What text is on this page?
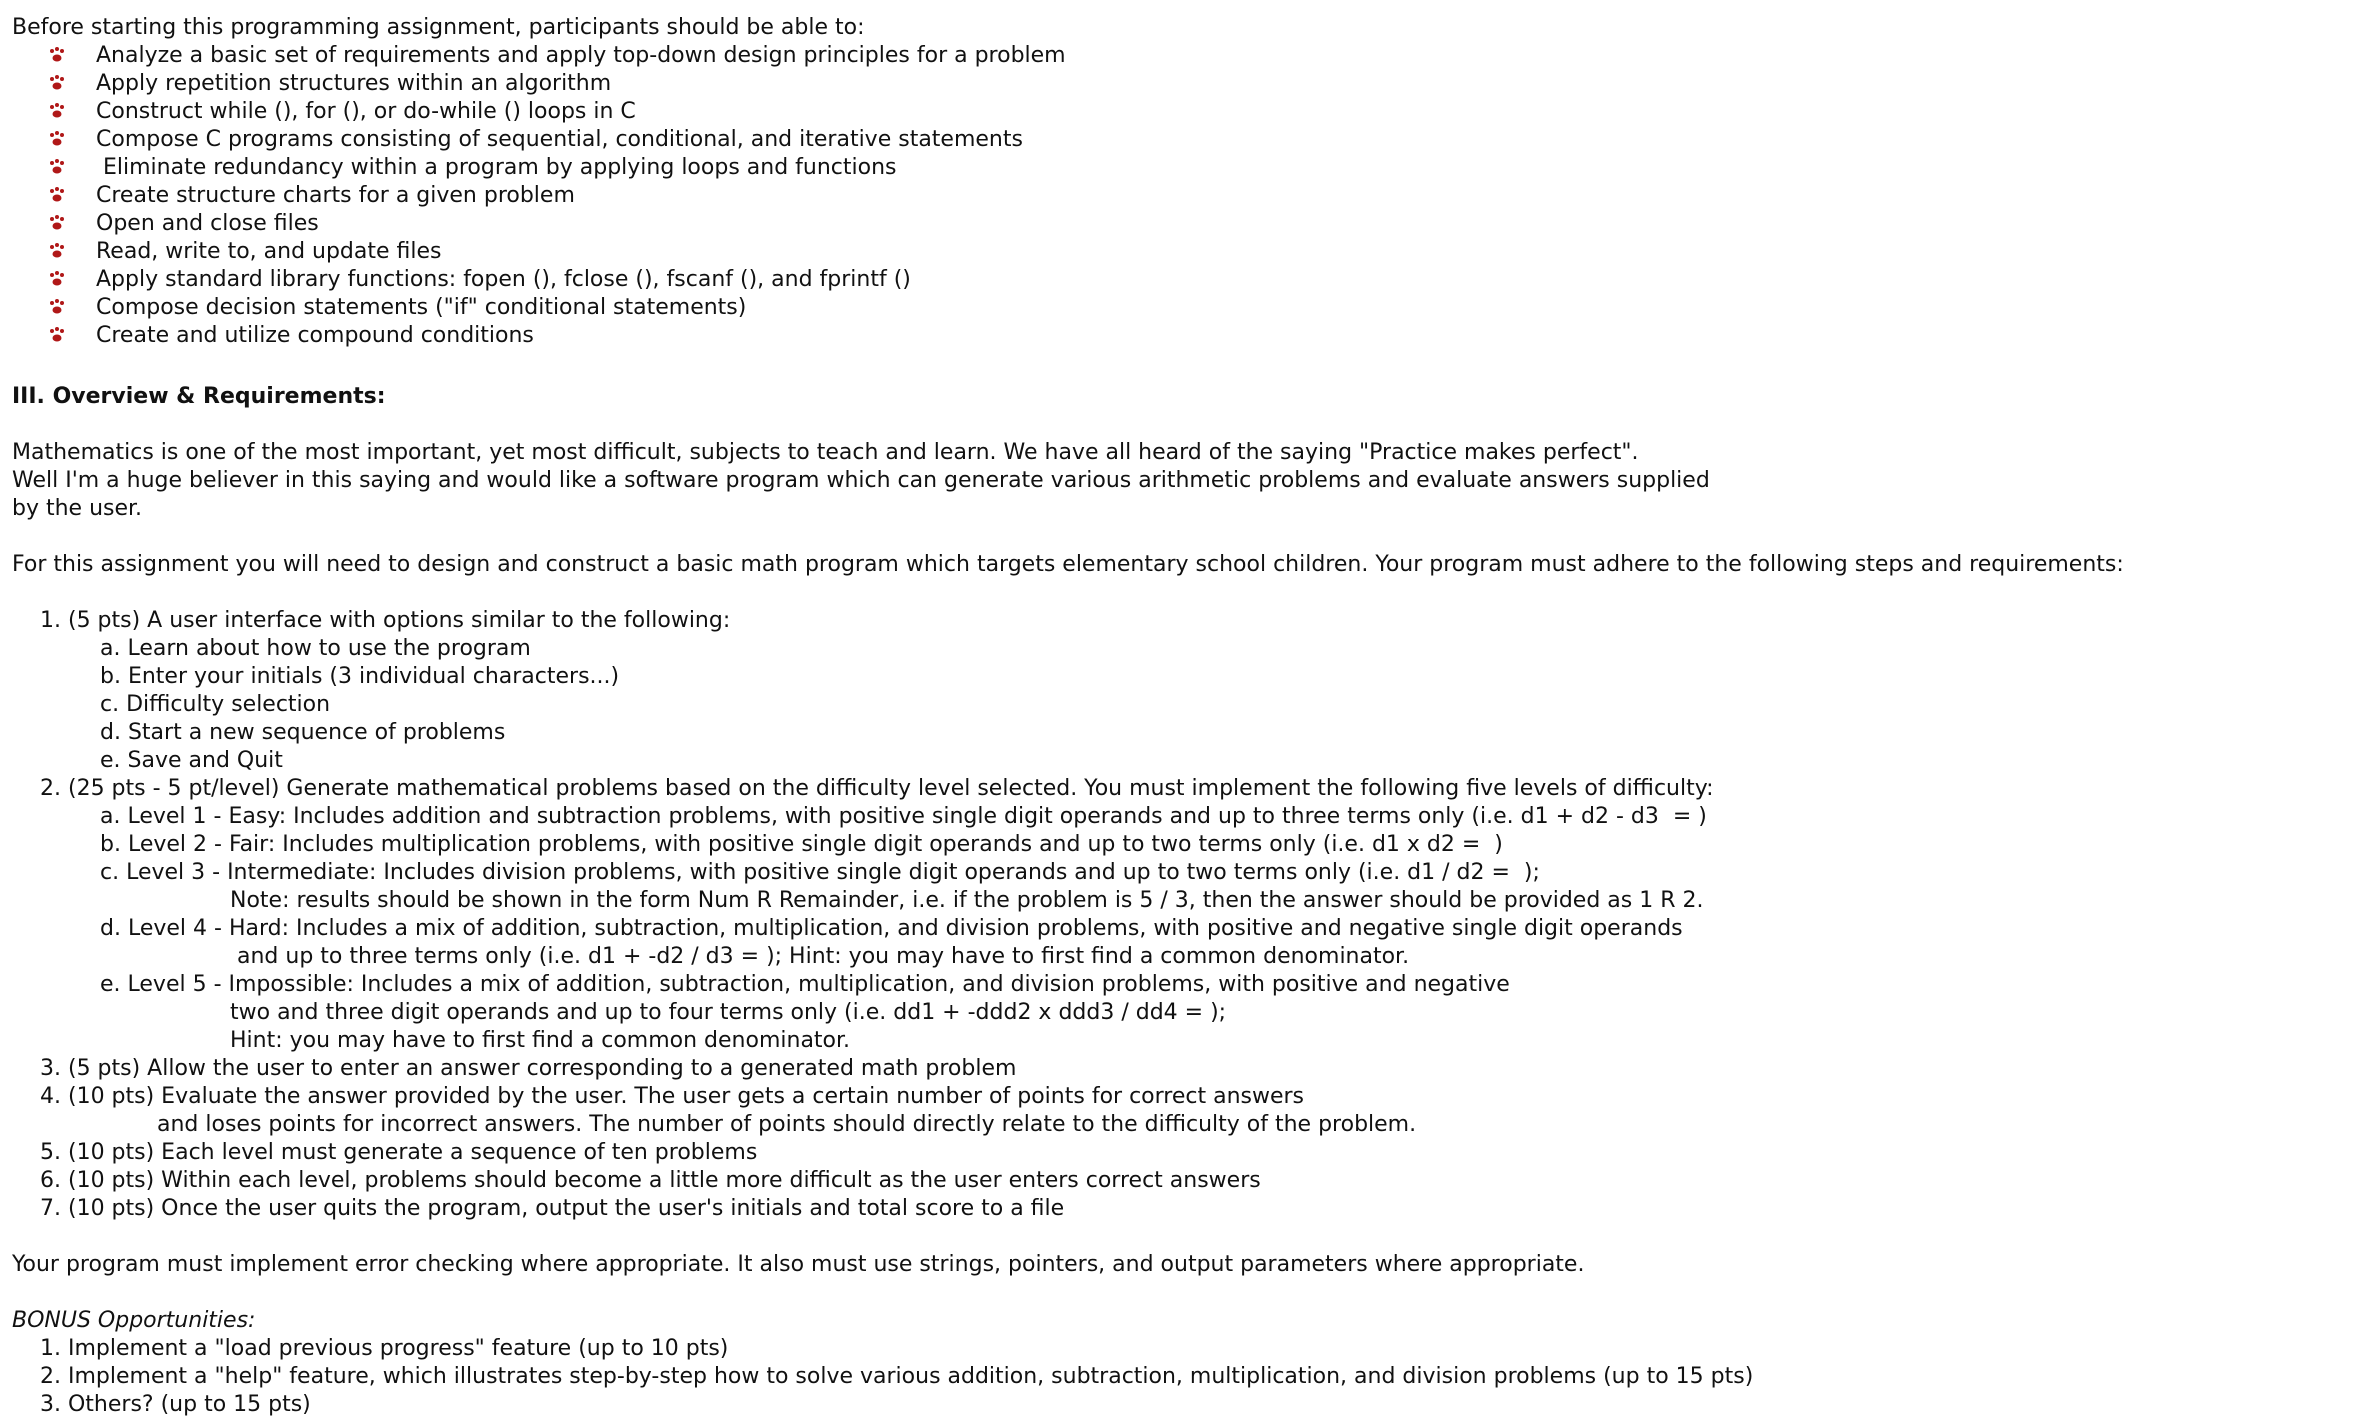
Before starting this programming assignment, participants should be able to:
Analyze a basic set of requirements and apply top-down design principles for a problem
Apply repetition structures within an algorithm
Construct while (), for (), or do-while () loops in C
Compose C programs consisting of sequential, conditional, and iterative statements
Eliminate redundancy within a program by applying loops and functions
Create structure charts for a given problem
Open and close files
Read, write to, and update files
Apply standard library functions: fopen (), fclose (), fscanf (), and fprintf ()
Compose decision statements ("if" conditional statements)
Create and utilize compound conditions
III. Overview & Requirements:
Mathematics is one of the most important, yet most difficult, subjects to teach and learn. We have all heard of the saying "Practice makes perfect".
Well I'm a huge believer in this saying and would like a software program which can generate various arithmetic problems and evaluate answers supplied
by the user.
For this assignment you will need to design and construct a basic math program which targets elementary school children. Your program must adhere to the following steps and requirements:
1. (5 pts) A user interface with options similar to the following:
a. Learn about how to use the program
b. Enter your initials (3 individual characters...)
c. Difficulty selection
d. Start a new sequence of problems
e. Save and Quit
2. (25 pts - 5 pt/level) Generate mathematical problems based on the difficulty level selected. You must implement the following five levels of difficulty:
a. Level 1 - Easy: Includes addition and subtraction problems, with positive single digit operands and up to three terms only (i.e. d1 + d2 - d3  = )
b. Level 2 - Fair: Includes multiplication problems, with positive single digit operands and up to two terms only (i.e. d1 x d2 =  )
c. Level 3 - Intermediate: Includes division problems, with positive single digit operands and up to two terms only (i.e. d1 / d2 =  );
Note: results should be shown in the form Num R Remainder, i.e. if the problem is 5 / 3, then the answer should be provided as 1 R 2.
d. Level 4 - Hard: Includes a mix of addition, subtraction, multiplication, and division problems, with positive and negative single digit operands
and up to three terms only (i.e. d1 + -d2 / d3 = ); Hint: you may have to first find a common denominator.
e. Level 5 - Impossible: Includes a mix of addition, subtraction, multiplication, and division problems, with positive and negative
two and three digit operands and up to four terms only (i.e. dd1 + -ddd2 x ddd3 / dd4 = );
Hint: you may have to first find a common denominator.
3. (5 pts) Allow the user to enter an answer corresponding to a generated math problem
4. (10 pts) Evaluate the answer provided by the user. The user gets a certain number of points for correct answers
and loses points for incorrect answers. The number of points should directly relate to the difficulty of the problem.
5. (10 pts) Each level must generate a sequence of ten problems
6. (10 pts) Within each level, problems should become a little more difficult as the user enters correct answers
7. (10 pts) Once the user quits the program, output the user's initials and total score to a file
Your program must implement error checking where appropriate. It also must use strings, pointers, and output parameters where appropriate.
BONUS Opportunities:
1. Implement a "load previous progress" feature (up to 10 pts)
2. Implement a "help" feature, which illustrates step-by-step how to solve various addition, subtraction, multiplication, and division problems (up to 15 pts)
3. Others? (up to 15 pts)
